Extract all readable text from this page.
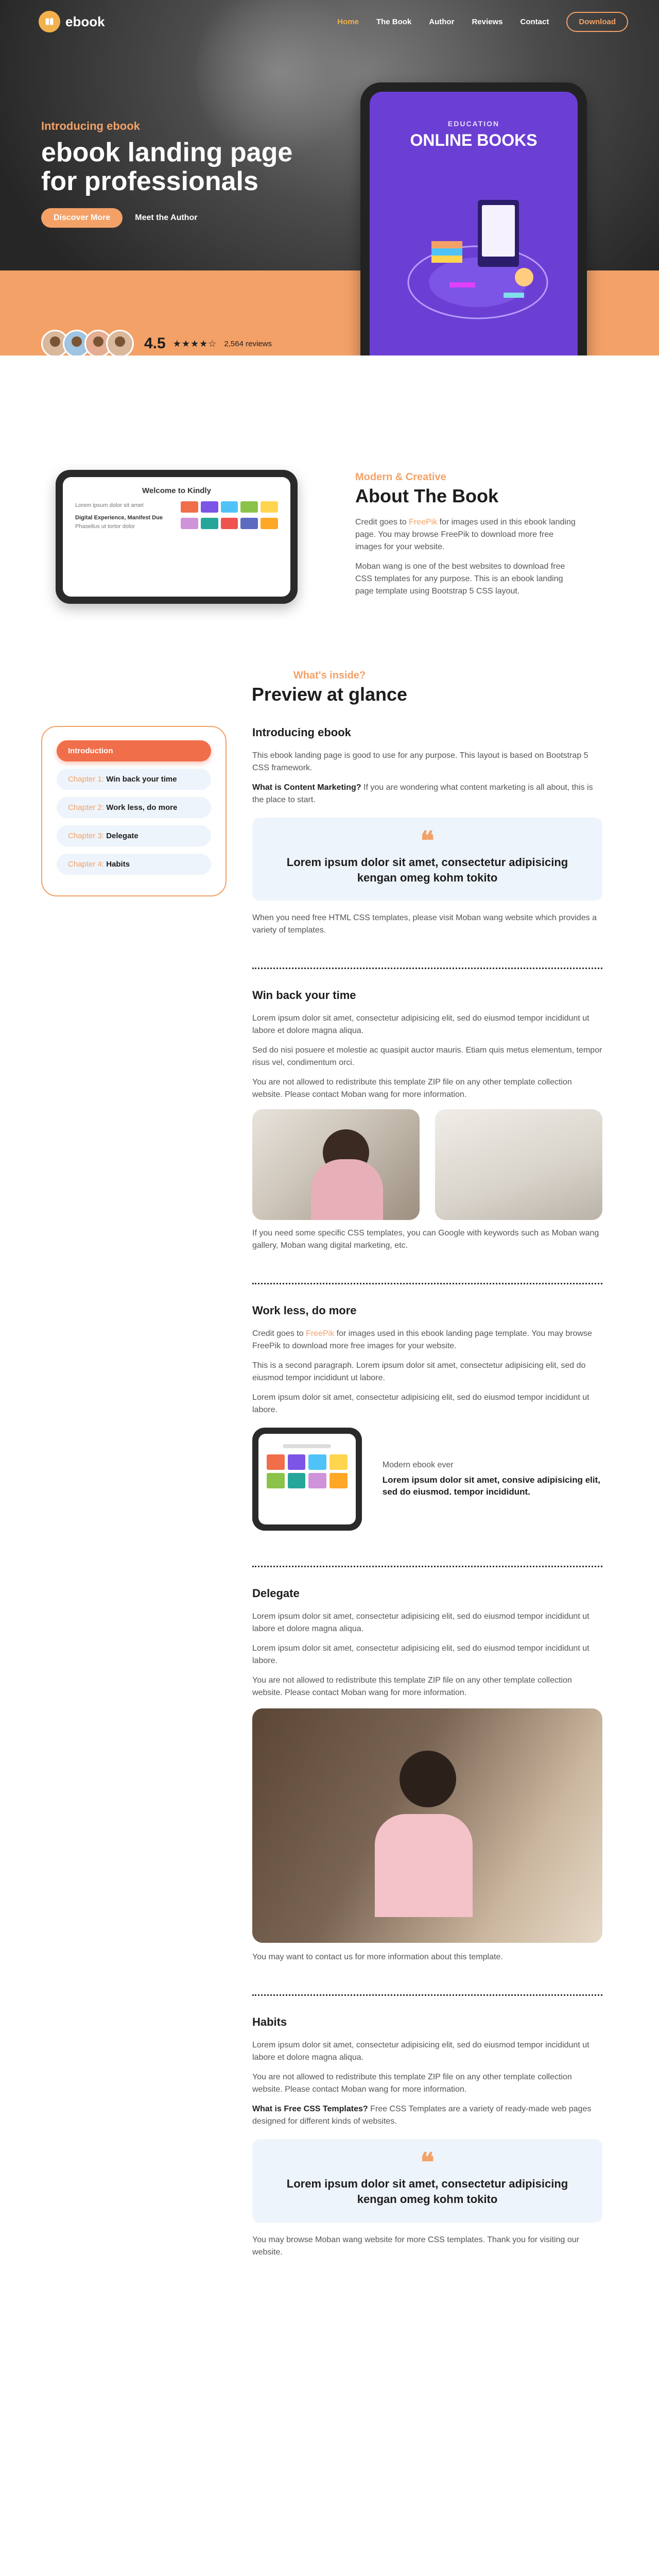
ebook	Home The Book Author Reviews Contact	Download
Introducing ebook
ebook landing page for professionals
Discover More	Meet the Author
4.5 ★★★★☆ 2,564 reviews
EDUCATION
ONLINE BOOKS
Welcome to Kindly
Lorem ipsum dolor sit amet
Digital Experience, Manifest Due
Phasellus ut tortor dolor
Modern & Creative
About The Book

Credit goes to FreePik for images used in this ebook landing page. You may browse FreePik to download more free images for your website.

Moban wang is one of the best websites to download free CSS templates for any purpose. This is an ebook landing page template using Bootstrap 5 CSS layout.

What's inside?
Preview at glance
Introduction
Chapter 1: Win back your time
Chapter 2: Work less, do more
Chapter 3: Delegate
Chapter 4: Habits
Introducing ebook

This ebook landing page is good to use for any purpose. This layout is based on Bootstrap 5 CSS framework.

What is Content Marketing? If you are wondering what content marketing is all about, this is the place to start.

❝
Lorem ipsum dolor sit amet, consectetur adipisicing kengan omeg kohm tokito

When you need free HTML CSS templates, please visit Moban wang website which provides a variety of templates.

Win back your time

Lorem ipsum dolor sit amet, consectetur adipisicing elit, sed do eiusmod tempor incididunt ut labore et dolore magna aliqua.

Sed do nisi posuere et molestie ac quasipit auctor mauris. Etiam quis metus elementum, tempor risus vel, condimentum orci.

You are not allowed to redistribute this template ZIP file on any other template collection website. Please contact Moban wang for more information.

If you need some specific CSS templates, you can Google with keywords such as Moban wang gallery, Moban wang digital marketing, etc.

Work less, do more

Credit goes to FreePik for images used in this ebook landing page template. You may browse FreePik to download more free images for your website.

This is a second paragraph. Lorem ipsum dolor sit amet, consectetur adipisicing elit, sed do eiusmod tempor incididunt ut labore.

Lorem ipsum dolor sit amet, consectetur adipisicing elit, sed do eiusmod tempor incididunt ut labore.

Modern ebook ever
Lorem ipsum dolor sit amet, consive adipisicing elit, sed do eiusmod. tempor incididunt.
Delegate

Lorem ipsum dolor sit amet, consectetur adipisicing elit, sed do eiusmod tempor incididunt ut labore et dolore magna aliqua.

Lorem ipsum dolor sit amet, consectetur adipisicing elit, sed do eiusmod tempor incididunt ut labore.

You are not allowed to redistribute this template ZIP file on any other template collection website. Please contact Moban wang for more information.

You may want to contact us for more information about this template.

Habits

Lorem ipsum dolor sit amet, consectetur adipisicing elit, sed do eiusmod tempor incididunt ut labore et dolore magna aliqua.

You are not allowed to redistribute this template ZIP file on any other template collection website. Please contact Moban wang for more information.

What is Free CSS Templates? Free CSS Templates are a variety of ready-made web pages designed for different kinds of websites.

❝
Lorem ipsum dolor sit amet, consectetur adipisicing kengan omeg kohm tokito

You may browse Moban wang website for more CSS templates. Thank you for visiting our website.
